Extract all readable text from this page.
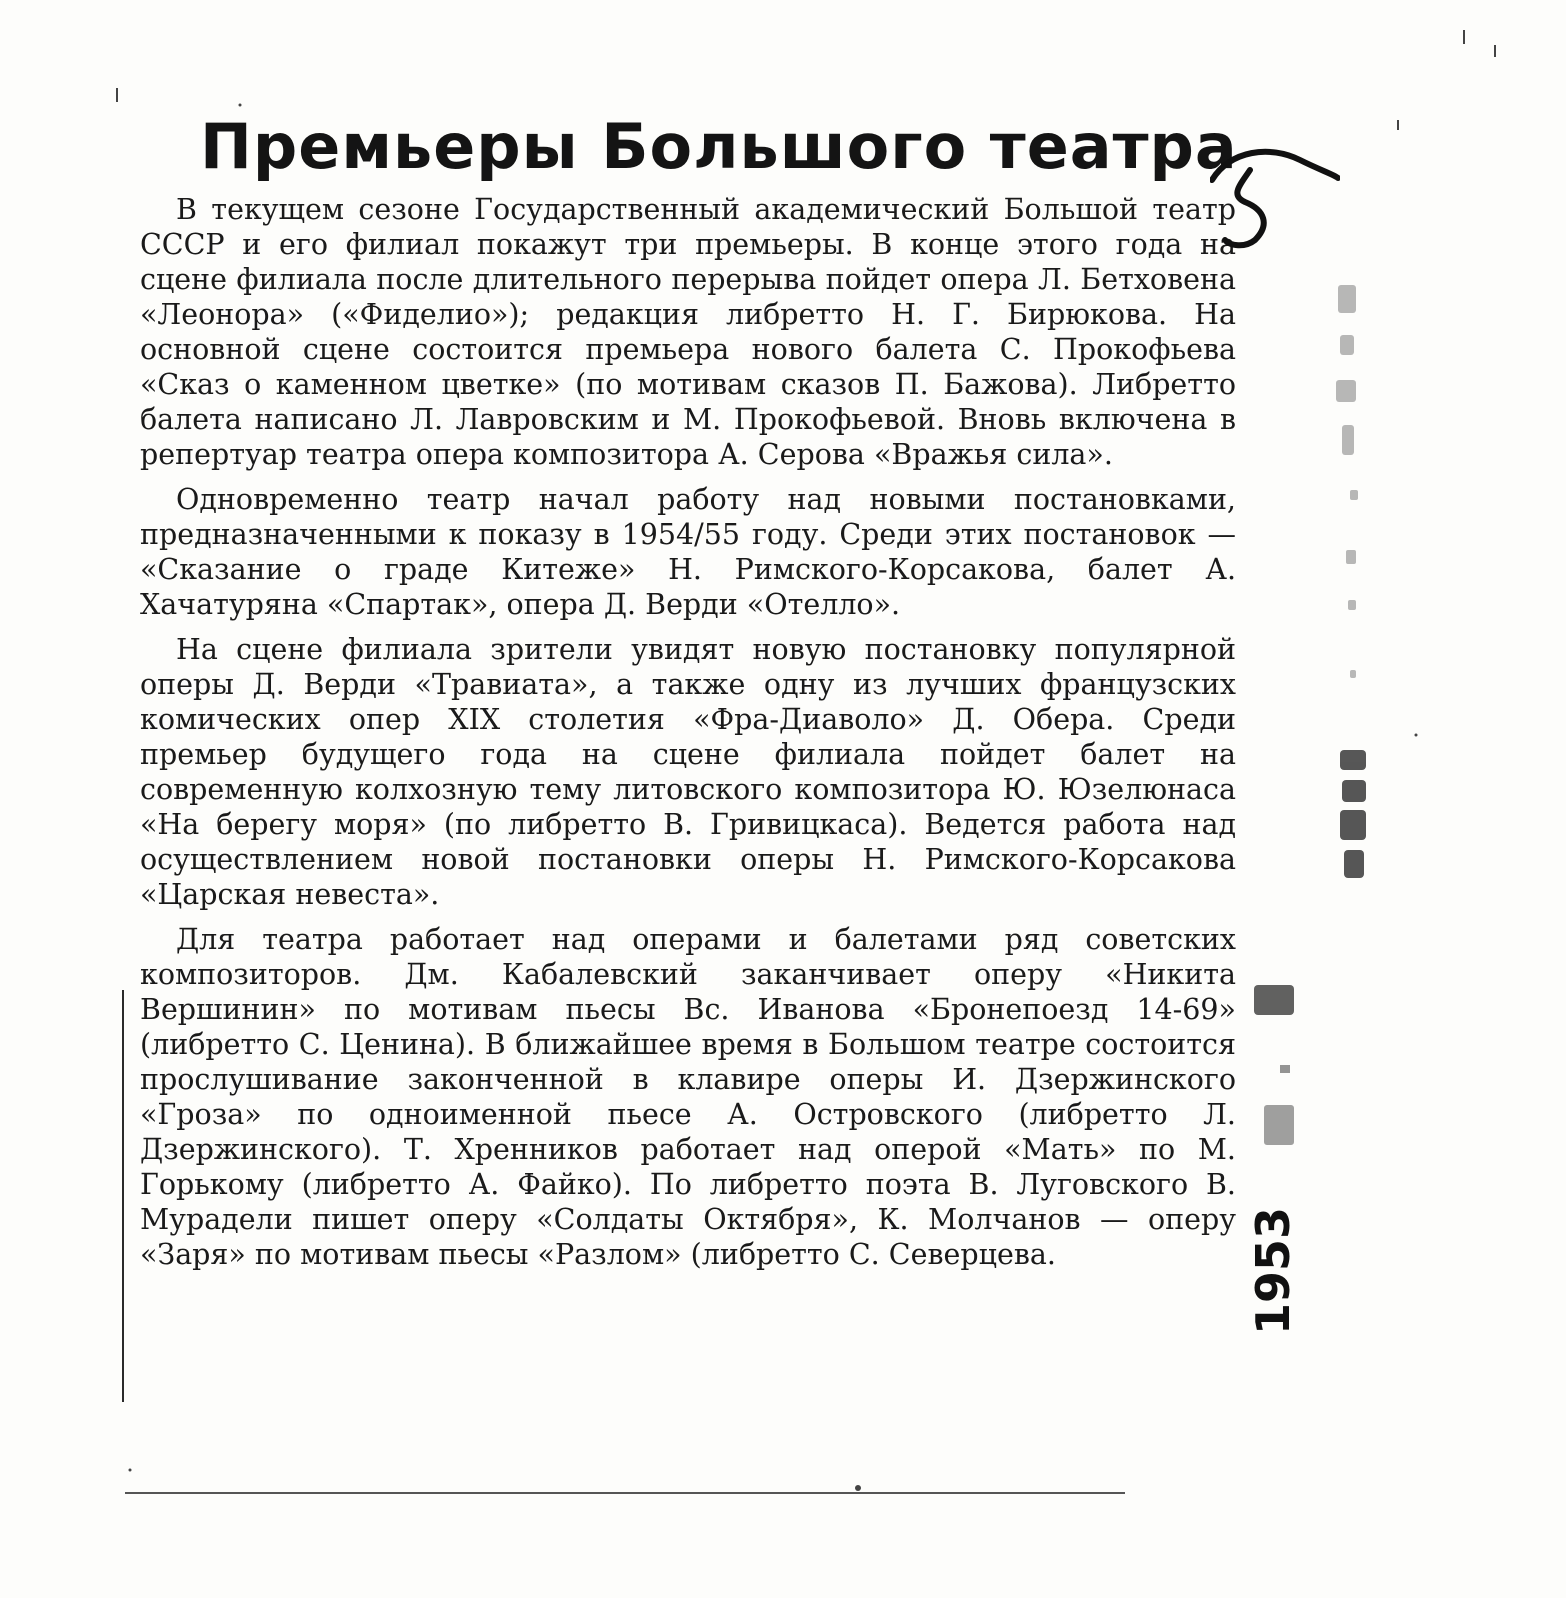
Премьеры Большого театра

В текущем сезоне Государственный академический Большой театр СССР и его филиал покажут три премьеры. В конце этого года на сцене филиала после длительного перерыва пойдет опера Л. Бетховена «Леонора» («Фиделио»); редакция либретто Н. Г. Бирюкова. На основной сцене состоится премьера нового балета С. Прокофьева «Сказ о каменном цветке» (по мотивам сказов П. Бажова). Либретто балета написано Л. Лавровским и М. Прокофьевой. Вновь включена в репертуар театра опера композитора А. Серова «Вражья сила».

Одновременно театр начал работу над новыми постановками, предназначенными к показу в 1954/55 году. Среди этих постановок — «Сказание о граде Китеже» Н. Римского-Корсакова, балет А. Хачатуряна «Спартак», опера Д. Верди «Отелло».

На сцене филиала зрители увидят новую постановку популярной оперы Д. Верди «Травиата», а также одну из лучших французских комических опер XIX столетия «Фра-Диаволо» Д. Обера. Среди премьер будущего года на сцене филиала пойдет балет на современную колхозную тему литовского композитора Ю. Юзелюнаса «На берегу моря» (по либретто В. Гривицкаса). Ведется работа над осуществлением новой постановки оперы Н. Римского-Корсакова «Царская невеста».

Для театра работает над операми и балетами ряд советских композиторов. Дм. Кабалевский заканчивает оперу «Никита Вершинин» по мотивам пьесы Вс. Иванова «Бронепоезд 14-69» (либретто С. Ценина). В ближайшее время в Большом театре состоится прослушивание законченной в клавире оперы И. Дзержинского «Гроза» по одноименной пьесе А. Островского (либретто Л. Дзержинского). Т. Хренников работает над оперой «Мать» по М. Горькому (либретто А. Файко). По либретто поэта В. Луговского В. Мурадели пишет оперу «Солдаты Октября», К. Молчанов — оперу «Заря» по мотивам пьесы «Разлом» (либретто С. Северцева.	1953
